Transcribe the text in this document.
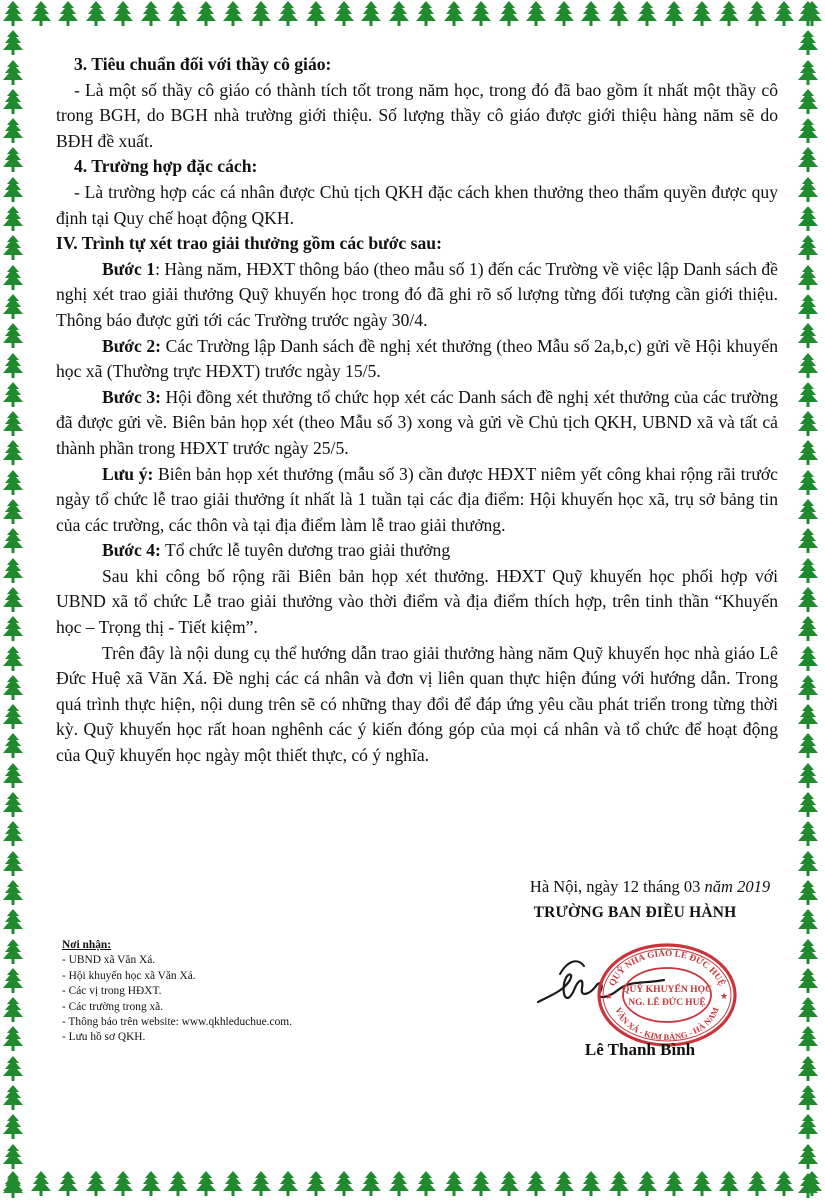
3. Tiêu chuẩn đối với thầy cô giáo:

- Là một số thầy cô giáo có thành tích tốt trong năm học, trong đó đã bao gồm ít nhất một thầy cô trong BGH, do BGH nhà trường giới thiệu. Số lượng thầy cô giáo được giới thiệu hàng năm sẽ do BĐH đề xuất.

4. Trường hợp đặc cách:

- Là trường hợp các cá nhân được Chủ tịch QKH đặc cách khen thưởng theo thẩm quyền được quy định tại Quy chế hoạt động QKH.

IV. Trình tự xét trao giải thưởng gồm các bước sau:

Bước 1: Hàng năm, HĐXT thông báo (theo mẫu số 1) đến các Trường về việc lập Danh sách đề nghị xét trao giải thưởng Quỹ khuyến học trong đó đã ghi rõ số lượng từng đối tượng cần giới thiệu. Thông báo được gửi tới các Trường trước ngày 30/4.

Bước 2: Các Trường lập Danh sách đề nghị xét thưởng (theo Mẫu số 2a,b,c) gửi về Hội khuyến học xã (Thường trực HĐXT) trước ngày 15/5.

Bước 3: Hội đồng xét thưởng tổ chức họp xét các Danh sách đề nghị xét thưởng của các trường đã được gửi về. Biên bản họp xét (theo Mẫu số 3) xong và gửi về Chủ tịch QKH, UBND xã và tất cả thành phần trong HĐXT trước ngày 25/5.

Lưu ý: Biên bản họp xét thưởng (mẫu số 3) cần được HĐXT niêm yết công khai rộng rãi trước ngày tổ chức lễ trao giải thưởng ít nhất là 1 tuần tại các địa điểm: Hội khuyến học xã, trụ sở bảng tin của các trường, các thôn và tại địa điểm làm lễ trao giải thưởng.

Bước 4: Tổ chức lễ tuyên dương trao giải thưởng

Sau khi công bố rộng rãi Biên bản họp xét thưởng. HĐXT Quỹ khuyến học phối hợp với UBND xã tổ chức Lễ trao giải thưởng vào thời điểm và địa điểm thích hợp, trên tinh thần “Khuyến học – Trọng thị - Tiết kiệm”.

Trên đây là nội dung cụ thể hướng dẫn trao giải thưởng hàng năm Quỹ khuyến học nhà giáo Lê Đức Huệ xã Văn Xá. Đề nghị các cá nhân và đơn vị liên quan thực hiện đúng với hướng dẫn. Trong quá trình thực hiện, nội dung trên sẽ có những thay đổi để đáp ứng yêu cầu phát triển trong từng thời kỳ. Quỹ khuyến học rất hoan nghênh các ý kiến đóng góp của mọi cá nhân và tổ chức để hoạt động của Quỹ khuyến học ngày một thiết thực, có ý nghĩa.

Hà Nội, ngày 12 tháng 03 năm 2019
TRƯỜNG BAN ĐIỀU HÀNH
QUỸ NHÀ GIÁO LÊ ĐỨC HUỆ
VĂN XÁ - KIM BẢNG - HÀ NAM
QUỸ KHUYẾN HỌC
NG. LÊ ĐỨC HUỆ
★	★
Lê Thanh Bình
Nơi nhận:
- UBND xã Văn Xá.
- Hội khuyến học xã Văn Xá.
- Các vị trong HĐXT.
- Các trường trong xã.
- Thông báo trên website: www.qkhleduchue.com.
- Lưu hồ sơ QKH.
